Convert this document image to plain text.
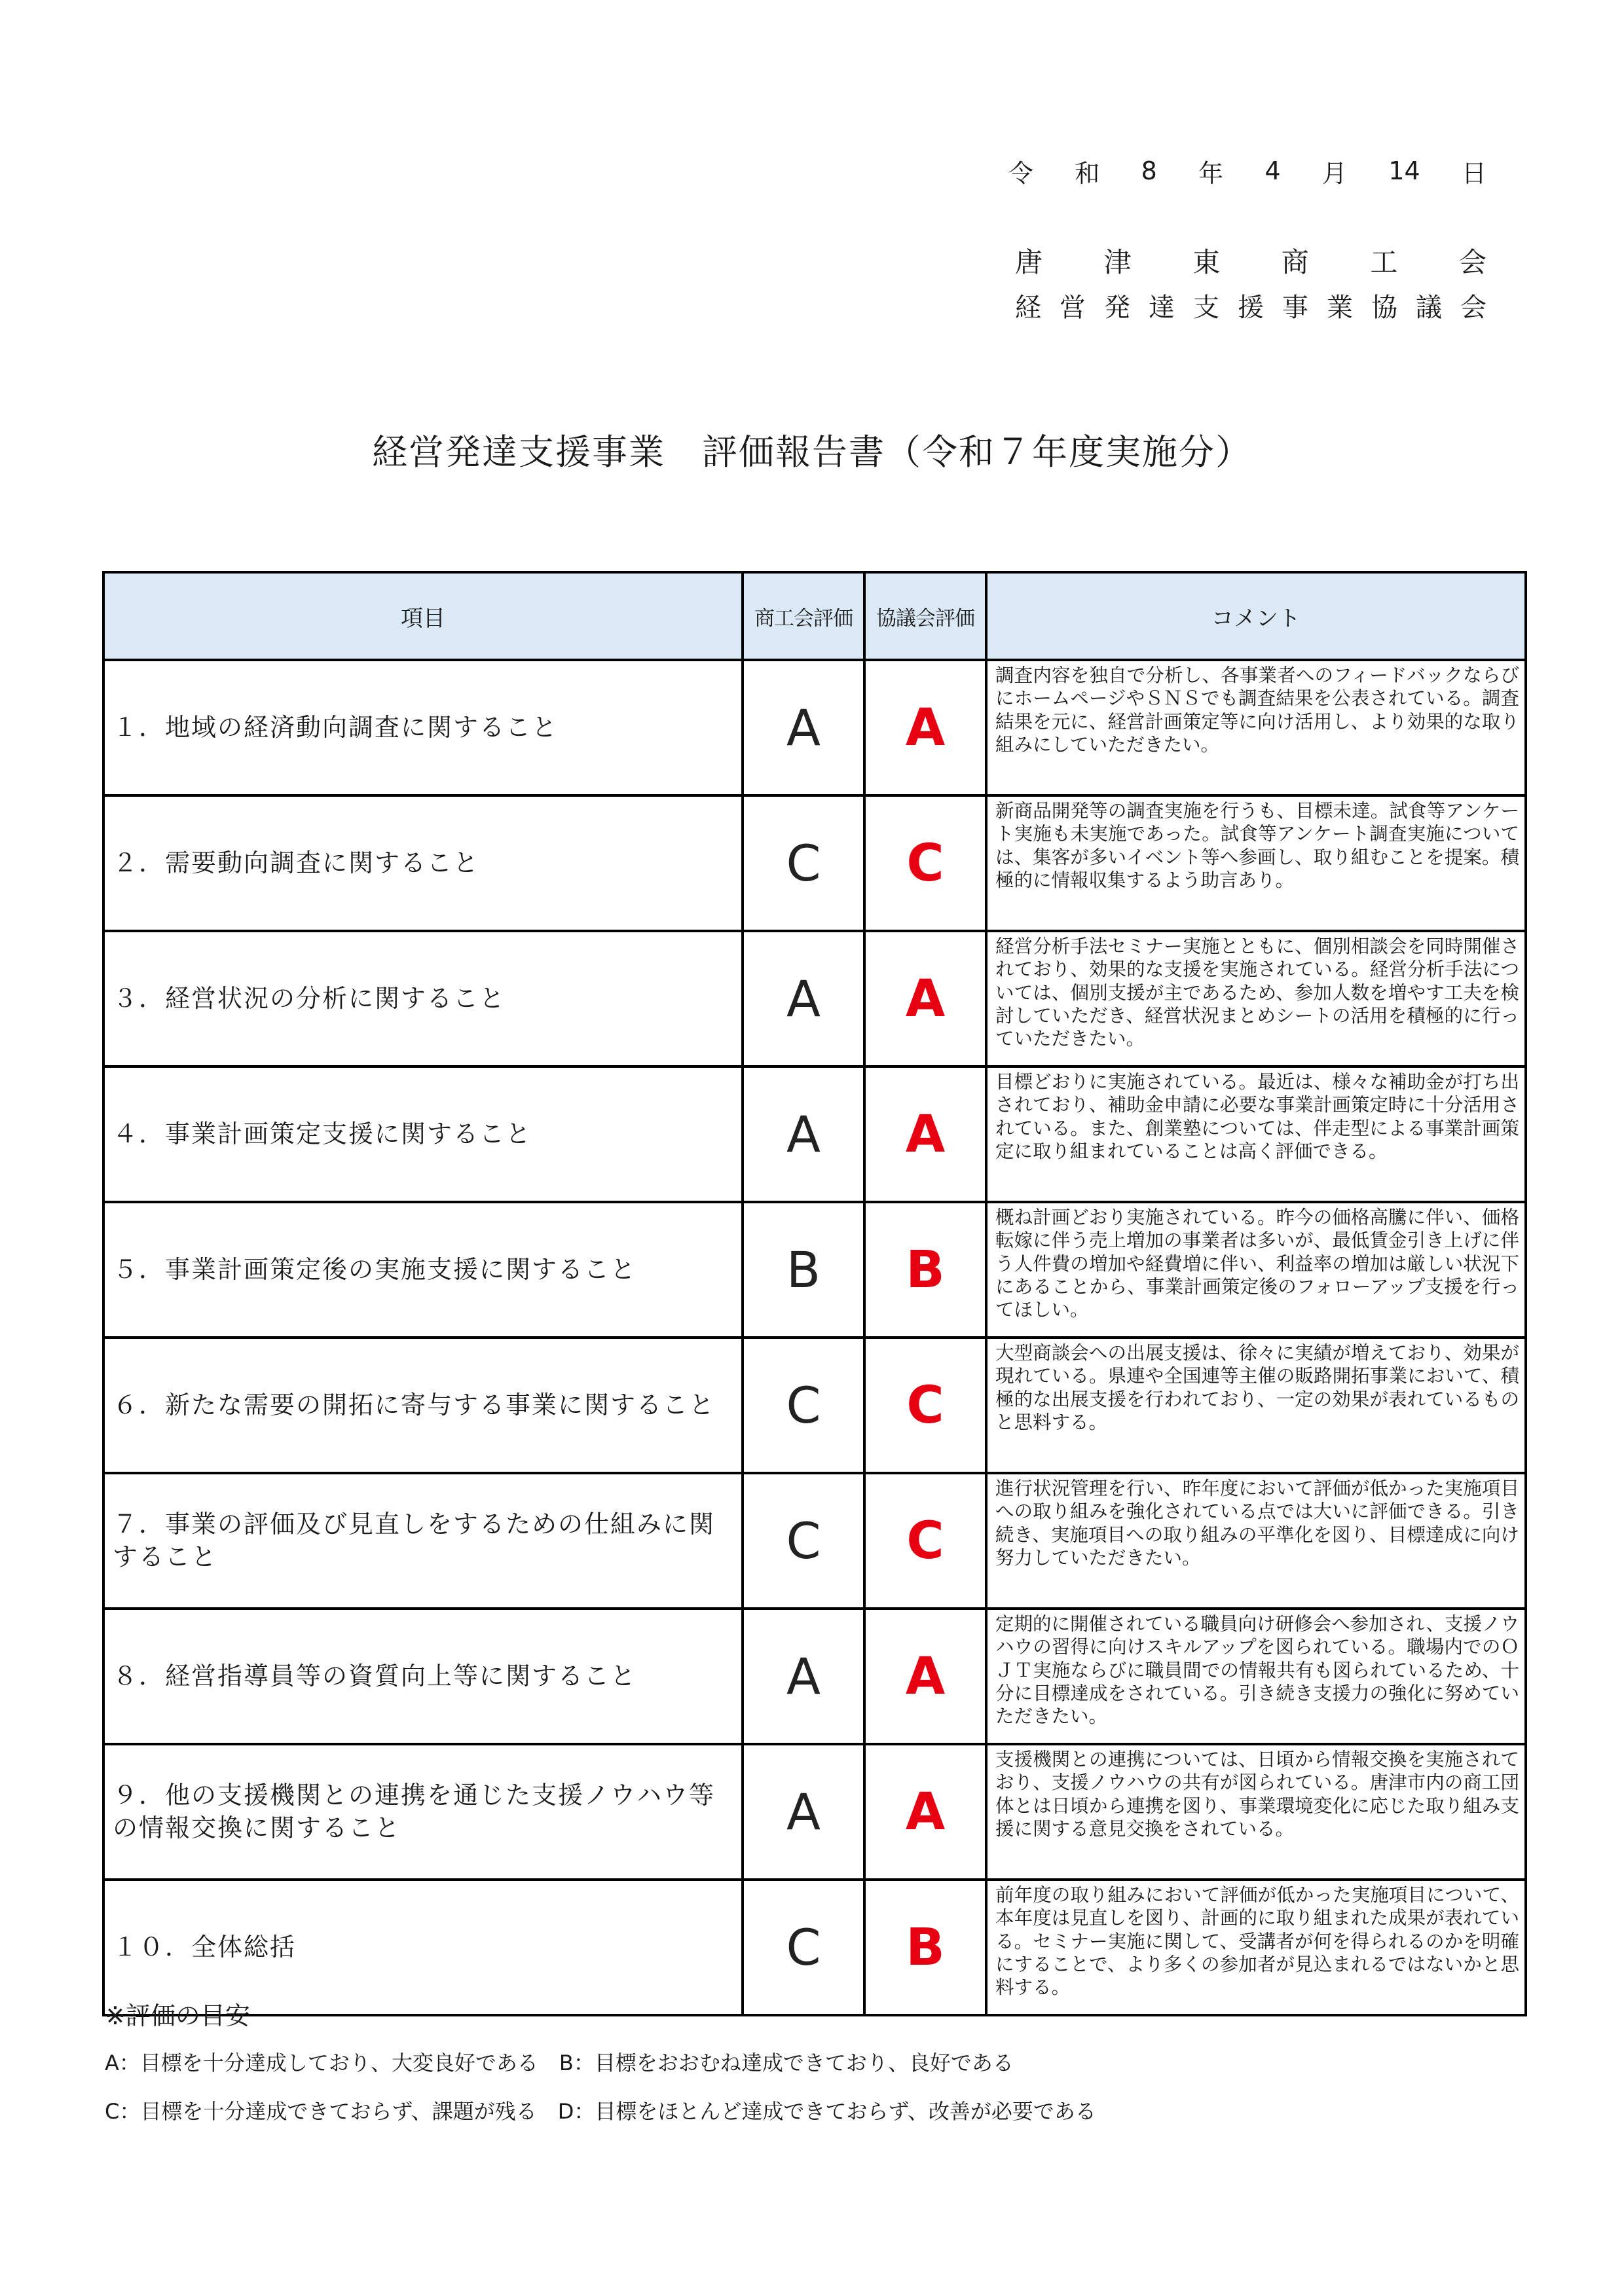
令 和 8 年 4 月 14 日
唐 津 東 商 工 会
経 営 発 達 支 援 事 業 協 議 会
経営発達支援事業　評価報告書（令和７年度実施分）
項目	商工会評価	協議会評価	コメント
１．地域の経済動向調査に関すること	A	A	調査内容を独自で分析し、各事業者へのフィードバックならびにホームページやＳＮＳでも調査結果を公表されている。調査結果を元に、経営計画策定等に向け活用し、より効果的な取り組みにしていただきたい。
２．需要動向調査に関すること	C	C	新商品開発等の調査実施を行うも、目標未達。試食等アンケート実施も未実施であった。試食等アンケート調査実施については、集客が多いイベント等へ参画し、取り組むことを提案。積極的に情報収集するよう助言あり。
３．経営状況の分析に関すること	A	A	経営分析手法セミナー実施とともに、個別相談会を同時開催されており、効果的な支援を実施されている。経営分析手法については、個別支援が主であるため、参加人数を増やす工夫を検討していただき、経営状況まとめシートの活用を積極的に行っていただきたい。
４．事業計画策定支援に関すること	A	A	目標どおりに実施されている。最近は、様々な補助金が打ち出されており、補助金申請に必要な事業計画策定時に十分活用されている。また、創業塾については、伴走型による事業計画策定に取り組まれていることは高く評価できる。
５．事業計画策定後の実施支援に関すること	B	B	概ね計画どおり実施されている。昨今の価格高騰に伴い、価格転嫁に伴う売上増加の事業者は多いが、最低賃金引き上げに伴う人件費の増加や経費増に伴い、利益率の増加は厳しい状況下にあることから、事業計画策定後のフォローアップ支援を行ってほしい。
６．新たな需要の開拓に寄与する事業に関すること	C	C	大型商談会への出展支援は、徐々に実績が増えており、効果が現れている。県連や全国連等主催の販路開拓事業において、積極的な出展支援を行われており、一定の効果が表れているものと思料する。
７．事業の評価及び見直しをするための仕組みに関すること	C	C	進行状況管理を行い、昨年度において評価が低かった実施項目への取り組みを強化されている点では大いに評価できる。引き続き、実施項目への取り組みの平準化を図り、目標達成に向け努力していただきたい。
８．経営指導員等の資質向上等に関すること	A	A	定期的に開催されている職員向け研修会へ参加され、支援ノウハウの習得に向けスキルアップを図られている。職場内でのＯＪＴ実施ならびに職員間での情報共有も図られているため、十分に目標達成をされている。引き続き支援力の強化に努めていただきたい。
９．他の支援機関との連携を通じた支援ノウハウ等の情報交換に関すること	A	A	支援機関との連携については、日頃から情報交換を実施されており、支援ノウハウの共有が図られている。唐津市内の商工団体とは日頃から連携を図り、事業環境変化に応じた取り組み支援に関する意見交換をされている。
１０．全体総括	C	B	前年度の取り組みにおいて評価が低かった実施項目について、本年度は見直しを図り、計画的に取り組まれた成果が表れている。セミナー実施に関して、受講者が何を得られるのかを明確にすることで、より多くの参加者が見込まれるではないかと思料する。
※評価の目安
A：目標を十分達成しており、大変良好である　B：目標をおおむね達成できており、良好である
C：目標を十分達成できておらず、課題が残る　D：目標をほとんど達成できておらず、改善が必要である
